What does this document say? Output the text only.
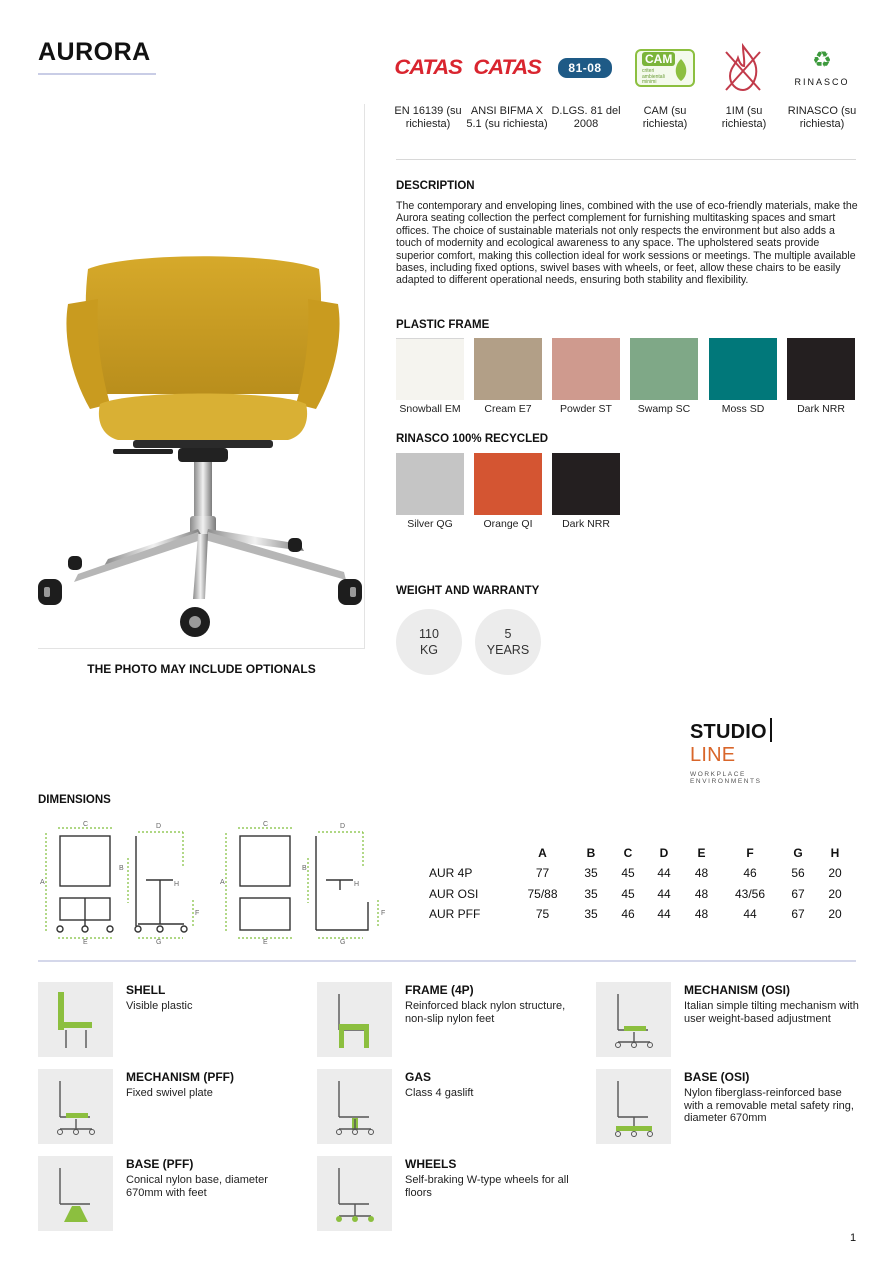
AURORA
THE PHOTO MAY INCLUDE OPTIONALS
CATAS CATAS	81-08
CAM
criteri ambientali minimi
♻
RINASCO
EN 16139 (su richiesta)
ANSI BIFMA X 5.1 (su richiesta)
D.LGS. 81 del 2008
CAM (su richiesta)
1IM (su richiesta)
RINASCO (su richiesta)
DESCRIPTION
The contemporary and enveloping lines, combined with the use of eco-friendly materials, make the Aurora seating collection the perfect complement for furnishing multitasking spaces and smart offices. The choice of sustainable materials not only respects the environment but also adds a touch of modernity and ecological awareness to any space. The upholstered seats provide superior comfort, making this collection ideal for work sessions or meetings. The multiple available bases, including fixed options, swivel bases with wheels, or feet, allow these chairs to be easily adapted to different operational needs, ensuring both stability and flexibility.
PLASTIC FRAME
Snowball EM	Cream E7	Powder ST	Swamp SC	Moss SD	Dark NRR
RINASCO 100% RECYCLED
Silver QG	Orange QI	Dark NRR
WEIGHT AND WARRANTY
110
KG
5
YEARS
STUDIOLINE
WORKPLACE ENVIRONMENTS
DIMENSIONS
C
A
E
D
B
H
F
G
C
A
E
D
B
H
F
G
	A	B	C	D	E	F	G	H
AUR 4P	77	35	45	44	48	46	56	20
AUR OSI	75/88	35	45	44	48	43/56	67	20
AUR PFF	75	35	46	44	48	44	67	20
SHELL
Visible plastic
FRAME (4P)
Reinforced black nylon structure, non-slip nylon feet
MECHANISM (OSI)
Italian simple tilting mechanism with user weight-based adjustment
MECHANISM (PFF)
Fixed swivel plate
GAS
Class 4 gaslift
BASE (OSI)
Nylon fiberglass-reinforced base with a removable metal safety ring, diameter 670mm
BASE (PFF)
Conical nylon base, diameter 670mm with feet
WHEELS
Self-braking W-type wheels for all floors
1
